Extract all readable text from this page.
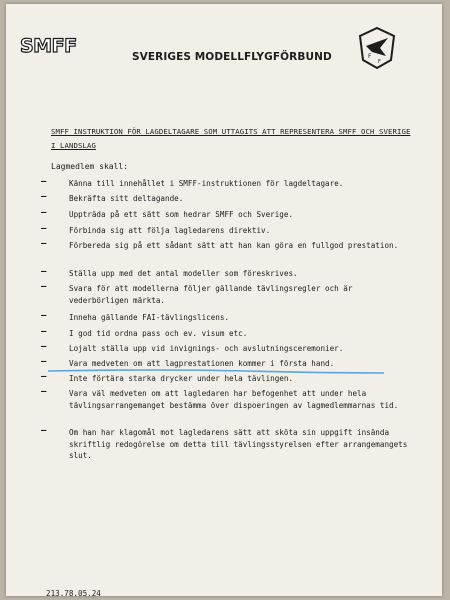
SMFF	SVERIGES MODELLFLYGFÖRBUND	F
F
SMFF INSTRUKTION FÖR LAGDELTAGARE SOM UTTAGITS ATT REPRESENTERA SMFF OCH SVERIGE I LANDSLAG
Lagmedlem skall:
–	Känna till innehållet i SMFF-instruktionen för lagdeltagare.
–	Bekräfta sitt deltagande.
–	Uppträda på ett sätt som hedrar SMFF och Sverige.
–	Förbinda sig att följa lagledarens direktiv.
–	Förbereda sig på ett sådant sätt att han kan göra en fullgod prestation.
–	Ställa upp med det antal modeller som föreskrives.
–	Svara för att modellerna följer gällande tävlingsregler och är vederbörligen märkta.
–	Inneha gällande FAI-tävlingslicens.
–	I god tid ordna pass och ev. visum etc.
–	Lojalt ställa upp vid invignings- och avslutningsceremonier.
–	Vara medveten om att lagprestationen kommer i första hand.
–	Inte förtära starka drycker under hela tävlingen.
–	Vara väl medveten om att lagledaren har befogenhet att under hela tävlingsarrangemanget bestämma över dispoeringen av lagmedlemmarnas tid.
–	Om han har klagomål mot lagledarens sätt att sköta sin uppgift insända skriftlig redogörelse om detta till tävlingsstyrelsen efter arrangemangets slut.
213.78.05.24
